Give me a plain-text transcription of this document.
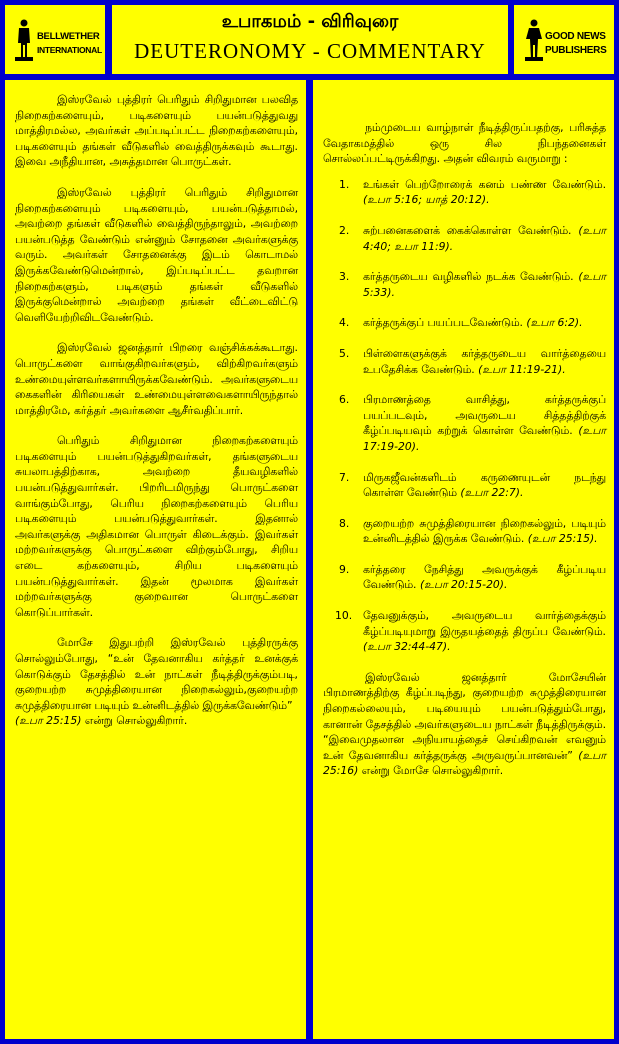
BELLWETHER
INTERNATIONAL
உபாகமம் - விரிவுரை
DEUTERONOMY - COMMENTARY
GOOD NEWS
PUBLISHERS

இஸ்ரவேல் புத்திரர் பெரிதும் சிறிதுமான பலவித நிறைகற்களையும், படிகளையும் பயன்படுத்துவது மாத்திரமல்ல, அவர்கள் அப்படிப்பட்ட நிறைகற்களையும், படிகளையும் தங்கள் வீடுகளில் வைத்திருக்கவும் கூடாது. இவை அநீதியான, அசுத்தமான பொருட்கள்.

இஸ்ரவேல் புத்திரர் பெரிதும் சிறிதுமான நிறைகற்களையும் படிகளையும், பயன்படுத்தாமல், அவற்றை தங்கள் வீடுகளில் வைத்திருந்தாலும், அவற்றை பயன்படுத்த வேண்டும் என்னும் சோதனை அவர்களுக்கு வரும். அவர்கள் சோதனைக்கு இடம் கொடாமல் இருக்கவேண்டுமென்றால், இப்படிப்பட்ட தவறான நிறைகற்களும், படிகளும் தங்கள் வீடுகளில் இருக்குமென்றால் அவற்றை தங்கள் வீட்டைவிட்டு வெளியேற்றிவிடவேண்டும்.

இஸ்ரவேல் ஜனத்தார் பிறரை வஞ்சிக்கக்கூடாது. பொருட்களை வாங்குகிறவர்களும், விற்கிறவர்களும் உண்மையுள்ளவர்களாயிருக்கவேண்டும். அவர்களுடைய கைகளின் கிரியைகள் உண்மையுள்ளவைகளாயிருந்தால் மாத்திரமே, கர்த்தர் அவர்களை ஆசீர்வதிப்பார்.

பெரிதும் சிறிதுமான நிறைகற்களையும் படிகளையும் பயன்படுத்துகிறவர்கள், தங்களுடைய சுயலாபத்திற்காக, அவற்றை தீயவழிகளில் பயன்படுத்துவார்கள். பிறரிடமிருந்து பொருட்களை வாங்கும்போது, பெரிய நிறைகற்களையும் பெரிய படிகளையும் பயன்படுத்துவார்கள். இதனால் அவர்களுக்கு அதிகமான பொருள் கிடைக்கும். இவர்கள் மற்றவர்களுக்கு பொருட்களை விற்கும்போது, சிறிய எடை கற்களையும், சிறிய படிகளையும் பயன்படுத்துவார்கள். இதன் மூலமாக இவர்கள் மற்றவர்களுக்கு குறைவான பொருட்களை கொடுப்பார்கள்.

மோசே இதுபற்றி இஸ்ரவேல் புத்திரருக்கு சொல்லும்போது, “உன் தேவனாகிய கர்த்தர் உனக்குக் கொடுக்கும் தேசத்தில் உன் நாட்கள் நீடித்திருக்கும்படி, குறையற்ற சுமுத்திரையான நிறைகல்லும்,குறையற்ற சுமுத்திரையான படியும் உன்னிடத்தில் இருக்கவேண்டும்”
(உபா 25:15) என்று சொல்லுகிறார்.

நம்முடைய வாழ்நாள் நீடித்திருப்பதற்கு, பரிசுத்த வேதாகமத்தில் ஒரு சில நிபந்தனைகள் சொல்லப்பட்டிருக்கிறது. அதன் விவரம் வருமாறு :

1. உங்கள் பெற்றோரைக் கனம் பண்ண வேண்டும். (உபா 5:16; யாத் 20:12).
2. சுற்பனைகளைக் கைக்கொள்ள வேண்டும். (உபா 4:40; உபா 11:9).
3. கர்த்தருடைய வழிகளில் நடக்க வேண்டும். (உபா 5:33).
4. கர்த்தருக்குப் பயப்படவேண்டும். (உபா 6:2).
5. பிள்ளைகளுக்குக் கர்த்தருடைய வார்த்தையை உபதேசிக்க வேண்டும். (உபா 11:19-21).
6. பிரமாணத்தை வாசித்து, கர்த்தருக்குப் பயப்படவும், அவருடைய சித்தத்திற்குக் கீழ்ப்படியவும் கற்றுக் கொள்ள வேண்டும். (உபா 17:19-20).
7. மிருகஜீவன்களிடம் கருணையுடன் நடந்து கொள்ள வேண்டும் (உபா 22:7).
8. குறையற்ற சுமுத்திரையான நிறைகல்லும், படியும் உன்னிடத்தில் இருக்க வேண்டும். (உபா 25:15).
9. கர்த்தரை நேசித்து அவருக்குக் கீழ்ப்படிய வேண்டும். (உபா 20:15-20).
10. தேவனுக்கும், அவருடைய வார்த்தைக்கும் கீழ்ப்படியுமாறு இருதயத்தைத் திருப்ப வேண்டும். (உபா 32:44-47).

இஸ்ரவேல் ஜனத்தார் மோசேயின் பிரமாணத்திற்கு கீழ்ப்படிந்து, குறையற்ற சுமுத்திரையான நிறைகல்லையும், படியையும் பயன்படுத்தும்போது, கானான் தேசத்தில் அவர்களுடைய நாட்கள் நீடித்திருக்கும். “இவைமுதலான அநியாயத்தைச் செய்கிறவன் எவனும் உன் தேவனாகிய கர்த்தருக்கு அருவருப்பானவன்” (உபா 25:16) என்று மோசே சொல்லுகிறார்.
